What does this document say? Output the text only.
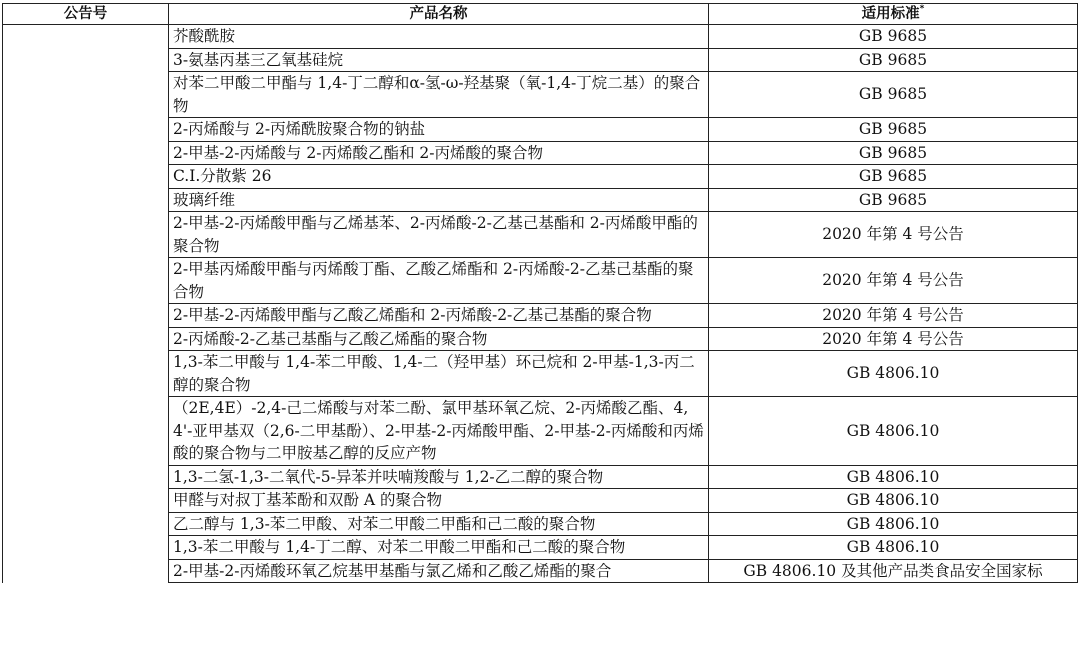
公告号	产品名称	适用标准*
	芥酸酰胺	GB 9685
	3-氨基丙基三乙氧基硅烷	GB 9685
	对苯二甲酸二甲酯与 1,4-丁二醇和α-氢-ω-羟基聚（氧-1,4-丁烷二基）的聚合物	GB 9685
	2-丙烯酸与 2-丙烯酰胺聚合物的钠盐	GB 9685
	2-甲基-2-丙烯酸与 2-丙烯酸乙酯和 2-丙烯酸的聚合物	GB 9685
	C.I.分散紫 26	GB 9685
	玻璃纤维	GB 9685
	2-甲基-2-丙烯酸甲酯与乙烯基苯、2-丙烯酸-2-乙基己基酯和 2-丙烯酸甲酯的聚合物	2020 年第 4 号公告
	2-甲基丙烯酸甲酯与丙烯酸丁酯、乙酸乙烯酯和 2-丙烯酸-2-乙基己基酯的聚合物	2020 年第 4 号公告
	2-甲基-2-丙烯酸甲酯与乙酸乙烯酯和 2-丙烯酸-2-乙基己基酯的聚合物	2020 年第 4 号公告
	2-丙烯酸-2-乙基己基酯与乙酸乙烯酯的聚合物	2020 年第 4 号公告
	1,3-苯二甲酸与 1,4-苯二甲酸、1,4-二（羟甲基）环己烷和 2-甲基-1,3-丙二醇的聚合物	GB 4806.10
	（2E,4E）-2,4-己二烯酸与对苯二酚、氯甲基环氧乙烷、2-丙烯酸乙酯、4,4'-亚甲基双（2,6-二甲基酚）、2-甲基-2-丙烯酸甲酯、2-甲基-2-丙烯酸和丙烯酸的聚合物与二甲胺基乙醇的反应产物	GB 4806.10
	1,3-二氢-1,3-二氧代-5-异苯并呋喃羧酸与 1,2-乙二醇的聚合物	GB 4806.10
	甲醛与对叔丁基苯酚和双酚 A 的聚合物	GB 4806.10
	乙二醇与 1,3-苯二甲酸、对苯二甲酸二甲酯和己二酸的聚合物	GB 4806.10
	1,3-苯二甲酸与 1,4-丁二醇、对苯二甲酸二甲酯和己二酸的聚合物	GB 4806.10
	2-甲基-2-丙烯酸环氧乙烷基甲基酯与氯乙烯和乙酸乙烯酯的聚合	GB 4806.10 及其他产品类食品安全国家标
